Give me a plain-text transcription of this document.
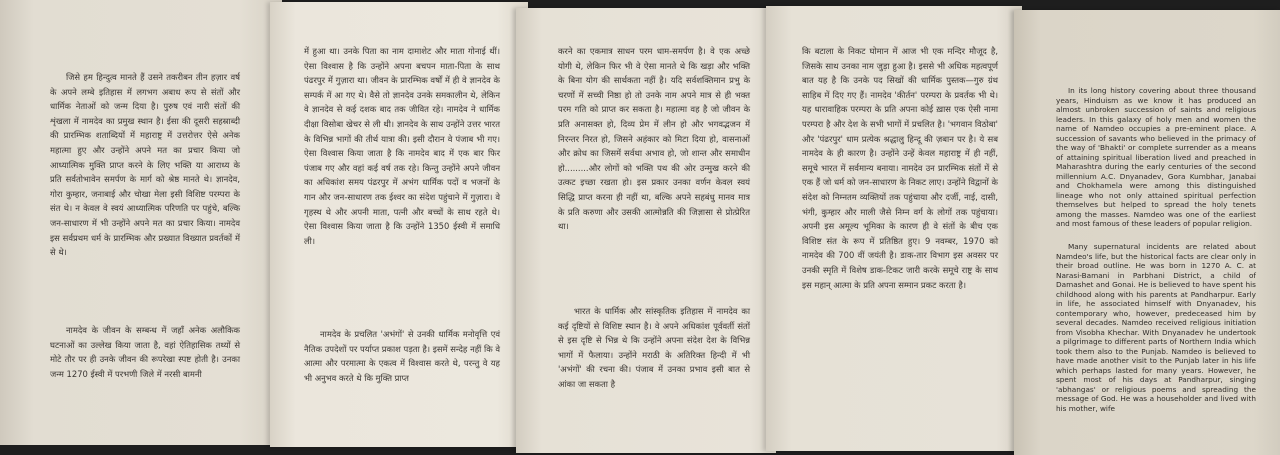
जिसे हम हिन्दुत्व मानते हैं उसने तकरीबन तीन हज़ार वर्ष के अपने लम्बे इतिहास में लगभग अबाध रूप से संतों और धार्मिक नेताओं को जन्म दिया है। पुरुष एवं नारी संतों की शृंखला में नामदेव का प्रमुख स्थान है। ईसा की दूसरी सहस्राब्दी की प्रारम्भिक शताब्दियों में महाराष्ट्र में उत्तरोत्तर ऐसे अनेक महात्मा हुए और उन्होंने अपने मत का प्रचार किया जो आध्यात्मिक मुक्ति प्राप्त करने के लिए भक्ति या आराध्य के प्रति सर्वतोभावेन समर्पण के मार्ग को श्रेष्ठ मानते थे। ज्ञानदेव, गोरा कुम्हार, जनाबाई और चोखा मेला इसी विशिष्ट परम्परा के संत थे। न केवल वे स्वयं आध्यात्मिक परिणति पर पहुंचे, बल्कि जन-साधारण में भी उन्होंने अपने मत का प्रचार किया। नामदेव इस सर्वप्रथम धर्म के प्रारम्भिक और प्रख्यात विख्यात प्रवर्तकों में से थे।
नामदेव के जीवन के सम्बन्ध में जहाँ अनेक अलौकिक घटनाओं का उल्लेख किया जाता है, वहां ऐतिहासिक तथ्यों से मोटे तौर पर ही उनके जीवन की रूपरेखा स्पष्ट होती है। उनका जन्म 1270 ईस्वी में परभणी जिले में नरसी बामनी
में हुआ था। उनके पिता का नाम दामाशेट और माता गोनाई थीं। ऐसा विश्वास है कि उन्होंने अपना बचपन माता-पिता के साथ पंढरपुर में गुज़ारा था। जीवन के प्रारम्भिक वर्षों में ही वे ज्ञानदेव के सम्पर्क में आ गए थे। वैसे तो ज्ञानदेव उनके समकालीन थे, लेकिन वे ज्ञानदेव से कई दशक बाद तक जीवित रहे। नामदेव ने धार्मिक दीक्षा विसोबा खेचर से ली थी। ज्ञानदेव के साथ उन्होंने उत्तर भारत के विभिन्न भागों की तीर्थ यात्रा की। इसी दौरान वे पंजाब भी गए। ऐसा विश्वास किया जाता है कि नामदेव बाद में एक बार फिर पंजाब गए और वहां कई वर्ष तक रहे। किन्तु उन्होंने अपने जीवन का अधिकांश समय पंढरपुर में अभंग धार्मिक पदों व भजनों के गान और जन-साधारण तक ईश्वर का संदेश पहुंचाने में गुज़ारा। वे गृहस्थ थे और अपनी माता, पत्नी और बच्चों के साथ रहते थे। ऐसा विश्वास किया जाता है कि उन्होंने 1350 ईस्वी में समाधि ली।
नामदेव के प्रचलित 'अभंगों' से उनकी धार्मिक मनोवृत्ति एवं नैतिक उपदेशों पर पर्याप्त प्रकाश पड़ता है। इसमें सन्देह नहीं कि वे आत्मा और परमात्मा के एकत्व में विश्वास करते थे, परन्तु वे यह भी अनुभव करते थे कि मुक्ति प्राप्त
करने का एकमात्र साधन परम धाम-समर्पण है। वे एक अच्छे योगी थे, लेकिन फिर भी वे ऐसा मानते थे कि खड़ा और भक्ति के बिना योग की सार्थकता नहीं है। यदि सर्वशक्तिमान प्रभु के चरणों में सच्ची निष्ठा हो तो उनके नाम अपने मात्र से ही भक्त परम गति को प्राप्त कर सकता है। महात्मा वह है जो जीवन के प्रति अनासक्त हो, दिव्य प्रेम में लीन हो और भगवद्भजन में निरन्तर निरत हो, जिसने अहंकार को मिटा दिया हो, वासनाओं और क्रोध का जिसमें सर्वथा अभाव हो, जो शान्त और समाधीन हो.........और लोगों को भक्ति पथ की ओर उन्मुख करने की उत्कट इच्छा रखता हो। इस प्रकार उनका वर्णन केवल स्वयं सिद्धि प्राप्त करना ही नहीं था, बल्कि अपने सहबंधु मानव मात्र के प्रति करुणा और उसकी आत्मोन्नति की जिज्ञासा से प्रोत्प्रेरित था।
भारत के धार्मिक और सांस्कृतिक इतिहास में नामदेव का कई दृष्टियों से विशिष्ट स्थान है। वे अपने अधिकांश पूर्ववर्ती संतों से इस दृष्टि से भिन्न थे कि उन्होंने अपना संदेश देश के विभिन्न भागों में फैलाया। उन्होंने मराठी के अतिरिक्त हिन्दी में भी 'अभंगों' की रचना की। पंजाब में उनका प्रभाव इसी बात से आंका जा सकता है
कि बटाला के निकट घोमान में आज भी एक मन्दिर मौजूद है, जिसके साथ उनका नाम जुड़ा हुआ है। इससे भी अधिक महत्वपूर्ण बात यह है कि उनके पद सिखों की धार्मिक पुस्तक—गुरु ग्रंथ साहिब में दिए गए हैं। नामदेव 'कीर्तन' परम्परा के प्रवर्तक भी थे। यह धारावाहिक परम्परा के प्रति अपना कोई ख़ास एक ऐसी नामा परम्परा है और देश के सभी भागों में प्रचलित है। 'भगवान विठोबा' और 'पंढरपुर' धाम प्रत्येक श्रद्धालु हिन्दू की ज़बान पर है। ये सब नामदेव के ही कारण है। उन्होंने उन्हें केवल महाराष्ट्र में ही नहीं, समूचे भारत में सर्वमान्य बनाया। नामदेव उन प्रारम्भिक संतों में से एक हैं जो धर्म को जन-साधारण के निकट लाए। उन्होंने विद्वानों के संदेश को निम्नतम व्यक्तियों तक पहुंचाया और दर्जी, नाई, दासी, भंगी, कुम्हार और माली जैसे निम्न वर्ग के लोगों तक पहुंचाया। अपनी इस अमूल्य भूमिका के कारण ही वे संतों के बीच एक विशिष्ट संत के रूप में प्रतिष्ठित हुए। 9 नवम्बर, 1970 को नामदेव की 700 वीं जयंती है। डाक-तार विभाग इस अवसर पर उनकी स्मृति में विशेष डाक-टिकट जारी करके समूचे राष्ट्र के साथ इस महान् आत्मा के प्रति अपना सम्मान प्रकट करता है।
In its long history covering about three thousand years, Hinduism as we know it has produced an almost unbroken succession of saints and religious leaders. In this galaxy of holy men and women the name of Namdeo occupies a pre-eminent place. A succession of savants who believed in the primacy of the way of 'Bhakti' or complete surrender as a means of attaining spiritual liberation lived and preached in Maharashtra during the early centuries of the second millennium A.C. Dnyanadev, Gora Kumbhar, Janabai and Chokhamela were among this distinguished lineage who not only attained spiritual perfection themselves but helped to spread the holy tenets among the masses. Namdeo was one of the earliest and most famous of these leaders of popular religion.
Many supernatural incidents are related about Namdeo's life, but the historical facts are clear only in their broad outline. He was born in 1270 A. C. at Narasi-Bamani in Parbhani District, a child of Damashet and Gonai. He is believed to have spent his childhood along with his parents at Pandharpur. Early in life, he associated himself with Dnyanadev, his contemporary who, however, predeceased him by several decades. Namdeo received religious initiation from Visobha Khechar. With Dnyanadev he undertook a pilgrimage to different parts of Northern India which took them also to the Punjab. Namdeo is believed to have made another visit to the Punjab later in his life which perhaps lasted for many years. However, he spent most of his days at Pandharpur, singing 'abhangas' or religious poems and spreading the message of God. He was a householder and lived with his mother, wife
